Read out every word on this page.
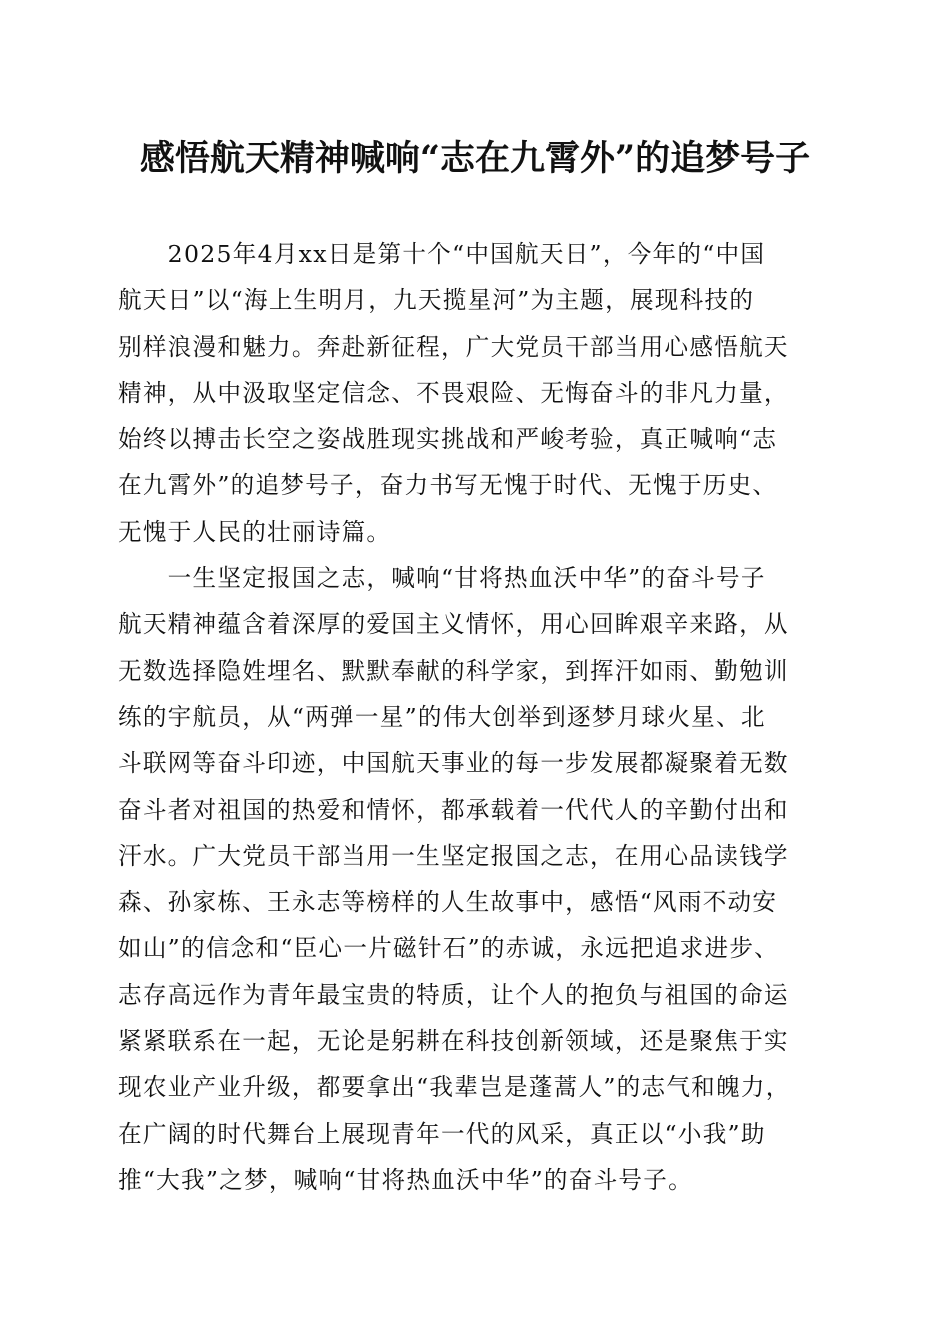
感悟航天精神喊响“志在九霄外”的追梦号子
　　2025年4月xx日是第十个“中国航天日”，今年的“中国
航天日”以“海上生明月，九天揽星河”为主题，展现科技的
别样浪漫和魅力。奔赴新征程，广大党员干部当用心感悟航天
精神，从中汲取坚定信念、不畏艰险、无悔奋斗的非凡力量，
始终以搏击长空之姿战胜现实挑战和严峻考验，真正喊响“志
在九霄外”的追梦号子，奋力书写无愧于时代、无愧于历史、
无愧于人民的壮丽诗篇。
　　一生坚定报国之志，喊响“甘将热血沃中华”的奋斗号子
航天精神蕴含着深厚的爱国主义情怀，用心回眸艰辛来路，从
无数选择隐姓埋名、默默奉献的科学家，到挥汗如雨、勤勉训
练的宇航员，从“两弹一星”的伟大创举到逐梦月球火星、北
斗联网等奋斗印迹，中国航天事业的每一步发展都凝聚着无数
奋斗者对祖国的热爱和情怀，都承载着一代代人的辛勤付出和
汗水。广大党员干部当用一生坚定报国之志，在用心品读钱学
森、孙家栋、王永志等榜样的人生故事中，感悟“风雨不动安
如山”的信念和“臣心一片磁针石”的赤诚，永远把追求进步、
志存高远作为青年最宝贵的特质，让个人的抱负与祖国的命运
紧紧联系在一起，无论是躬耕在科技创新领域，还是聚焦于实
现农业产业升级，都要拿出“我辈岂是蓬蒿人”的志气和魄力，
在广阔的时代舞台上展现青年一代的风采，真正以“小我”助
推“大我”之梦，喊响“甘将热血沃中华”的奋斗号子。
